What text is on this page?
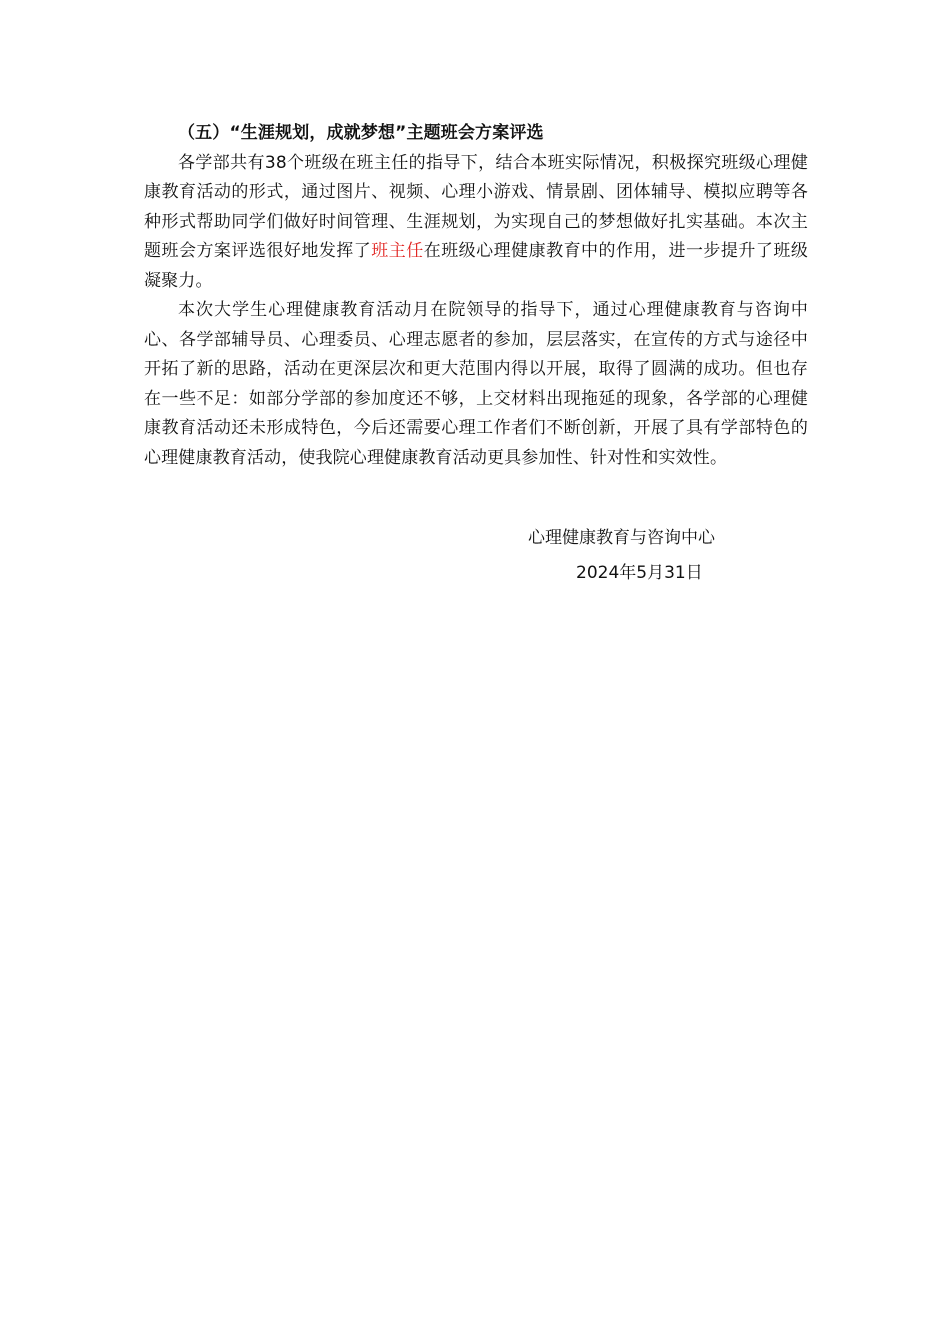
（五）“生涯规划，成就梦想”主题班会方案评选

各学部共有38个班级在班主任的指导下，结合本班实际情况，积极探究班级心理健康教育活动的形式，通过图片、视频、心理小游戏、情景剧、团体辅导、模拟应聘等各种形式帮助同学们做好时间管理、生涯规划，为实现自己的梦想做好扎实基础。本次主题班会方案评选很好地发挥了班主任在班级心理健康教育中的作用，进一步提升了班级凝聚力。

本次大学生心理健康教育活动月在院领导的指导下，通过心理健康教育与咨询中心、各学部辅导员、心理委员、心理志愿者的参加，层层落实，在宣传的方式与途径中开拓了新的思路，活动在更深层次和更大范围内得以开展，取得了圆满的成功。但也存在一些不足：如部分学部的参加度还不够，上交材料出现拖延的现象，各学部的心理健康教育活动还未形成特色，今后还需要心理工作者们不断创新，开展了具有学部特色的心理健康教育活动，使我院心理健康教育活动更具参加性、针对性和实效性。

心理健康教育与咨询中心
2024年5月31日
